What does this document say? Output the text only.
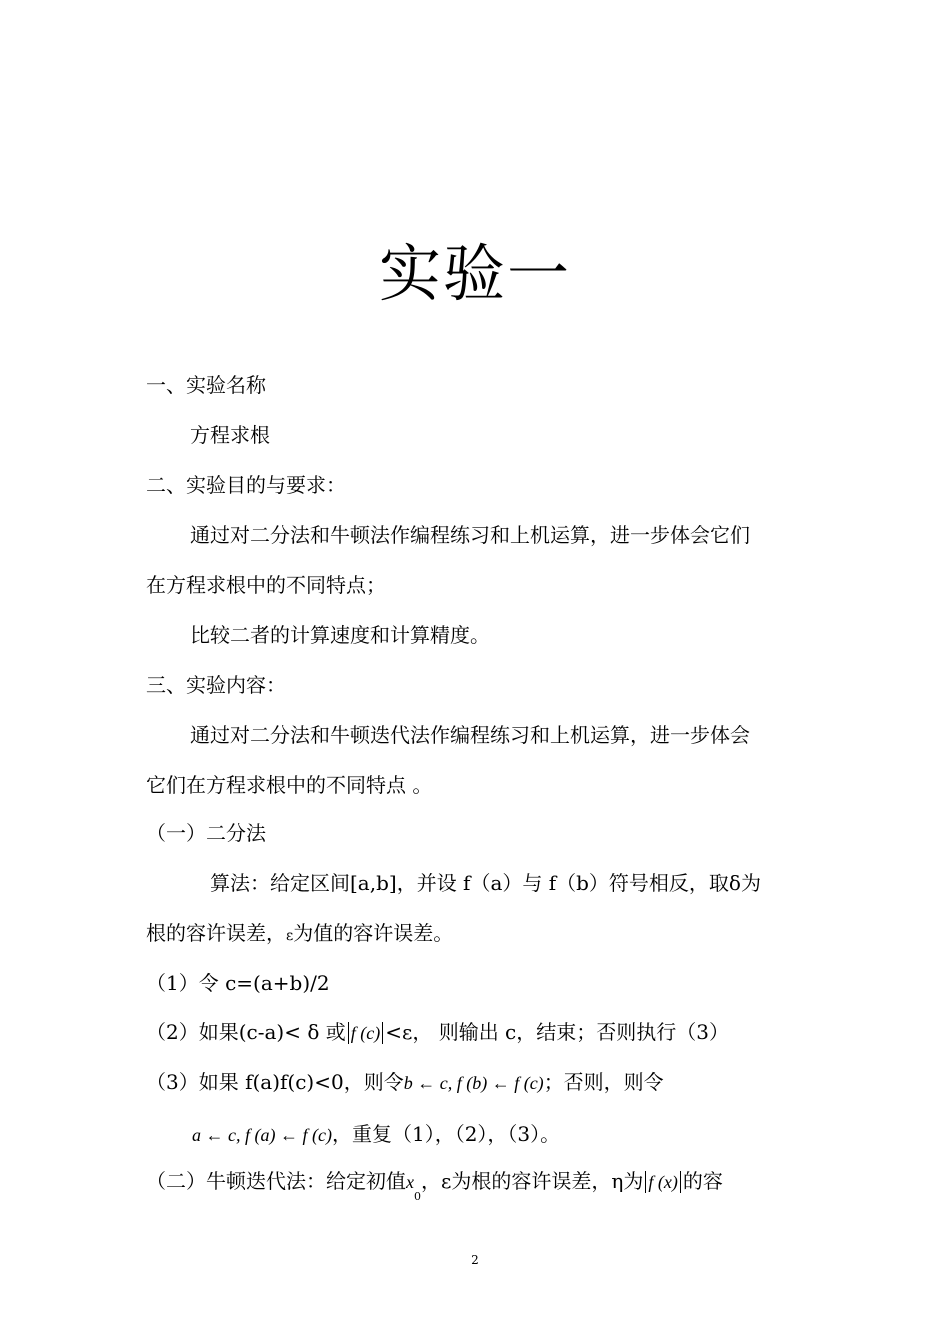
实验一
一、实验名称
方程求根
二、实验目的与要求：
通过对二分法和牛顿法作编程练习和上机运算，进一步体会它们
在方程求根中的不同特点；
比较二者的计算速度和计算精度。
三、实验内容：
通过对二分法和牛顿迭代法作编程练习和上机运算，进一步体会
它们在方程求根中的不同特点 。
（一）二分法
算法：给定区间[a,b]，并设 f（a）与 f（b）符号相反，取δ为
根的容许误差，ε为值的容许误差。
（1）令 c=(a+b)/2
（2）如果(c-a)< δ 或 f (c) <ε， 则输出 c，结束；否则执行（3）
（3）如果 f(a)f(c)<0，则令b ← c, f (b) ← f (c)；否则，则令
a ← c, f (a) ← f (c)，重复（1），（2），（3）。
（二）牛顿迭代法：给定初值$x_0$，ε为根的容许误差，η为 f (x) 的容
2
